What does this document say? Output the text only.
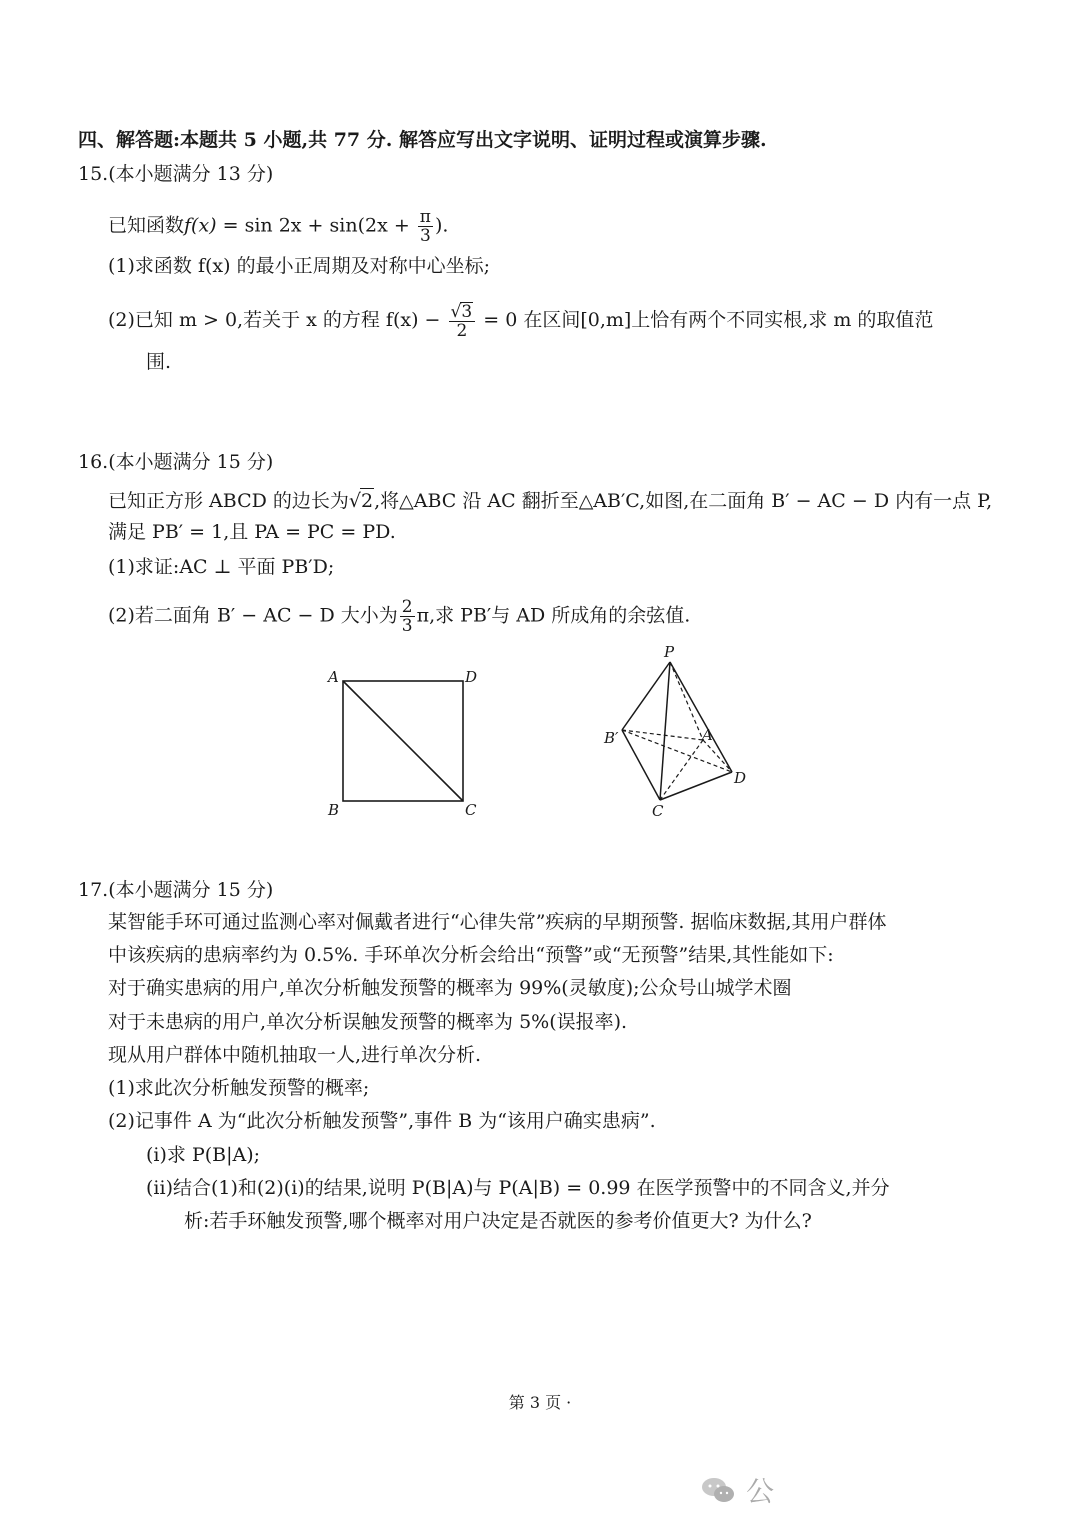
四、解答题:本题共 5 小题,共 77 分. 解答应写出文字说明、证明过程或演算步骤.
15.(本小题满分 13 分)
已知函数$f(x) = \sin 2x + \sin(2x + \frac{\pi}{3}$ ).
(1)求函数 f(x) 的最小正周期及对称中心坐标;
(2)已知 m > 0,若关于 x 的方程 $f(x) - \frac{√3}{2} = 0$ 在区间[0,m]上恰有两个不同实根,求 m 的取值范
围.
16.(本小题满分 15 分)
已知正方形 ABCD 的边长为√2,将△ABC 沿 AC 翻折至△AB′C,如图,在二面角 B′ − AC − D 内有一点 P,
满足 PB′ = 1,且 PA = PC = PD.
(1)求证:AC ⊥ 平面 PB′D;
(2)若二面角 B′ − AC − D 大小为 $\frac{2}{3} \pi$,求 PB′与 AD 所成角的余弦值.
A	D
B	C
P
B′	A
D
C
17.(本小题满分 15 分)
某智能手环可通过监测心率对佩戴者进行“心律失常”疾病的早期预警. 据临床数据,其用户群体
中该疾病的患病率约为 0.5%. 手环单次分析会给出“预警”或“无预警”结果,其性能如下:
对于确实患病的用户,单次分析触发预警的概率为 99%(灵敏度);公众号山城学术圈
对于未患病的用户,单次分析误触发预警的概率为 5%(误报率).
现从用户群体中随机抽取一人,进行单次分析.
(1)求此次分析触发预警的概率;
(2)记事件 A 为“此次分析触发预警”,事件 B 为“该用户确实患病”.
(i)求 P(B|A);
(ii)结合(1)和(2)(i)的结果,说明 P(B|A)与 P(A|B) = 0.99 在医学预警中的不同含义,并分
析:若手环触发预警,哪个概率对用户决定是否就医的参考价值更大? 为什么?
第 3 页 ·
公
